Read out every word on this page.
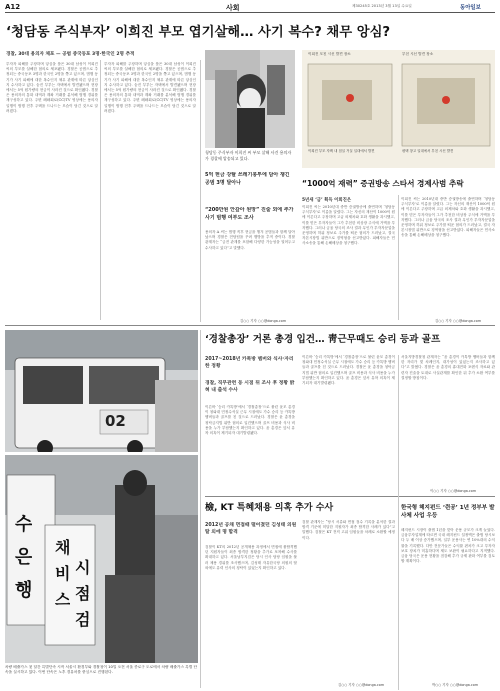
A12	사회	제30245호 2013년 3월 13일 수요일	동아일보
‘청담동 주식부자’ 이희진 부모 엽기살해… 사기 복수? 채무 앙심?
경찰, 30대 용의자 체포 — 공범 중국동포 3명·한국인 2명 추적
투자자 피해를 주장하며 앙심을 품은 30대 남성이 이희진 씨의 부모를 살해한 혐의로 체포됐다. 경찰은 공범으로 추정되는 중국동포 3명과 한국인 2명을 쫓고 있으며, 범행 동기가 사기 피해에 대한 복수인지 채무 관계에 따른 앙심인지 수사하고 있다. 숨진 부부는 자택에서 발견됐으며 현장에서는 5억 원가량의 현금이 사라진 것으로 확인됐다. 경찰은 용의자의 통화 내역과 계좌 거래를 분석해 범행 경위를 재구성하고 있다. 주변 폐쇄회로(CC)TV 영상에는 용의자 일행이 범행 전후 주택을 드나드는 모습이 담긴 것으로 알려졌다.
투자자 피해를 주장하며 앙심을 품은 30대 남성이 이희진 씨의 부모를 살해한 혐의로 체포됐다. 경찰은 공범으로 추정되는 중국동포 3명과 한국인 2명을 쫓고 있으며, 범행 동기가 사기 피해에 대한 복수인지 채무 관계에 따른 앙심인지 수사하고 있다. 숨진 부부는 자택에서 발견됐으며 현장에서는 5억 원가량의 현금이 사라진 것으로 확인됐다. 경찰은 용의자의 통화 내역과 계좌 거래를 분석해 범행 경위를 재구성하고 있다. 주변 폐쇄회로(CC)TV 영상에는 용의자 일행이 범행 전후 주택을 드나드는 모습이 담긴 것으로 알려졌다.
청담동 주식부자 이희진 씨 부모 살해 사건 용의자가 경찰에 압송되고 있다.
이희진 모친 시신 발견 장소	부친 시신 발견 장소
이희진 부모 자택 내 침실 거실 일대에서 발견	평택 창고 일대에서 부친 시신 발견
5억 현금 강탈 쓰레기봉투에 담아 챙긴 공범 3명 달아나
“200만원 안갚아 원망” 진술 외에 추가 사기 범행 여부도 조사
용의자 A 씨는 범행 직후 현금을 챙겨 공범들과 함께 달아났으며 경찰은 전담팀을 꾸려 행방을 추적 중이다. 경찰 관계자는 “금전 관계를 포함해 다양한 가능성을 열어두고 수사하고 있다”고 말했다.
김○○ 기자 ○○@donga.com
“1000억 재력” 증권방송 스타서 경제사범 추락
5년새 ‘금’ 획득 이희진은
이희진 씨는 2010년대 중반 증권방송에 출연하며 ‘청담동 주식부자’로 이름을 알렸다. 그는 자신의 재산이 1000억 원에 이른다고 주장하며 고급 외제차와 호화 생활을 과시했고, 이를 믿은 투자자들이 그가 추천한 비상장 주식에 거액을 투자했다. 그러나 금융 당국의 조사 결과 무인가 투자자문업을 운영하며 허위 정보로 주가를 띄운 혐의가 드러났고, 결국 자본시장법 위반으로 징역형을 선고받았다. 피해자들은 민사소송을 통해 손해배상을 청구했다.
이희진 씨는 2010년대 중반 증권방송에 출연하며 ‘청담동 주식부자’로 이름을 알렸다. 그는 자신의 재산이 1000억 원에 이른다고 주장하며 고급 외제차와 호화 생활을 과시했고, 이를 믿은 투자자들이 그가 추천한 비상장 주식에 거액을 투자했다. 그러나 금융 당국의 조사 결과 무인가 투자자문업을 운영하며 허위 정보로 주가를 띄운 혐의가 드러났고, 결국 자본시장법 위반으로 징역형을 선고받았다. 피해자들은 민사소송을 통해 손해배상을 청구했다.
김○○ 기자 ○○@donga.com
02
‘경찰총장’ 거론 총경 입건… 靑근무때도 승리 등과 골프
2017~2018년 카톡방 멤버와 식사·자리 한 정황
경찰, 직무관련 동 시점 뒤 조사 후 정황 밝혀 내 출석 수사
이른바 ‘승리 카톡방’에서 ‘경찰총장’으로 불린 윤모 총경이 청와대 민정수석실 근무 시절에도 가수 승리 등 카톡방 멤버들과 골프를 친 것으로 드러났다. 경찰은 윤 총경을 청탁금지법 위반 혐의로 입건했으며 골프 비용과 식사 비용을 누가 부담했는지 확인하고 있다. 윤 총경은 앞서 유착 의혹이 제기되자 대기발령됐다.
이른바 ‘승리 카톡방’에서 ‘경찰총장’으로 불린 윤모 총경이 청와대 민정수석실 근무 시절에도 가수 승리 등 카톡방 멤버들과 골프를 친 것으로 드러났다. 경찰은 윤 총경을 청탁금지법 위반 혐의로 입건했으며 골프 비용과 식사 비용을 누가 부담했는지 확인하고 있다. 윤 총경은 앞서 유착 의혹이 제기되자 대기발령됐다.
서울지방경찰청 관계자는 “윤 총경이 카톡방 멤버들과 함께한 자리가 몇 차례인지, 대가성이 있었는지 조사하고 있다”고 밝혔다. 경찰은 윤 총경의 휴대전화 포렌식 자료와 관련자 진술을 토대로 사실관계를 확인한 뒤 추가 소환 여부를 결정할 방침이다.
이○○ 기자 ○○@donga.com
수
은
행
채
비
스
시
점
검
차량 배출가스 첫 달간 특별단속 시작 서울시 환경부와 경찰청이 10일 오전 서울 종로구 도로에서 차량 배출가스 특별 단속을 실시하고 있다. 이번 단속은 노후 경유차를 중심으로 진행된다.
檢, KT 특혜채용 의혹 추가 수사
2012년 공채 면접때 떨어졌던 김성태 의원 딸 외에 명 합격
검찰이 KT의 2012년 공개채용 과정에서 면접에 불합격했던 지원자들이 최종 합격한 정황을 추가로 포착해 수사를 확대하고 있다. 서울남부지검은 당시 인사 담당 임원을 불러 채용 경위를 조사했으며, 김성태 자유한국당 의원의 딸 외에도 유력 인사의 청탁이 있었는지 확인하고 있다.
검찰 관계자는 “당시 서류와 면접 점수 기록을 분석한 결과 합격 기준에 미달한 지원자가 최종 합격한 사례가 있다”고 말했다. 검찰은 KT 전직 고위 임원들을 차례로 소환할 예정이다.
김○○ 기자 ○○@donga.com
한국형 헤지펀드 ‘쥔공’ 1년 정부부 발사체 사업 우등
헤지펀드 시장이 출범 1년을 맞아 운용 규모가 크게 늘었다. 금융투자업계에 따르면 국내 헤지펀드 설정액은 출범 당시보다 두 배 이상 증가했으며, 일부 운용사는 연 10%대의 수익률을 기록했다. 다만 전문가들은 수익률 편차가 크고 투자자 보호 장치가 미흡하다며 제도 보완이 필요하다고 지적했다. 금융 당국은 운용 현황을 점검해 추가 규제 완화 여부를 검토할 계획이다.
박○○ 기자 ○○@donga.com
